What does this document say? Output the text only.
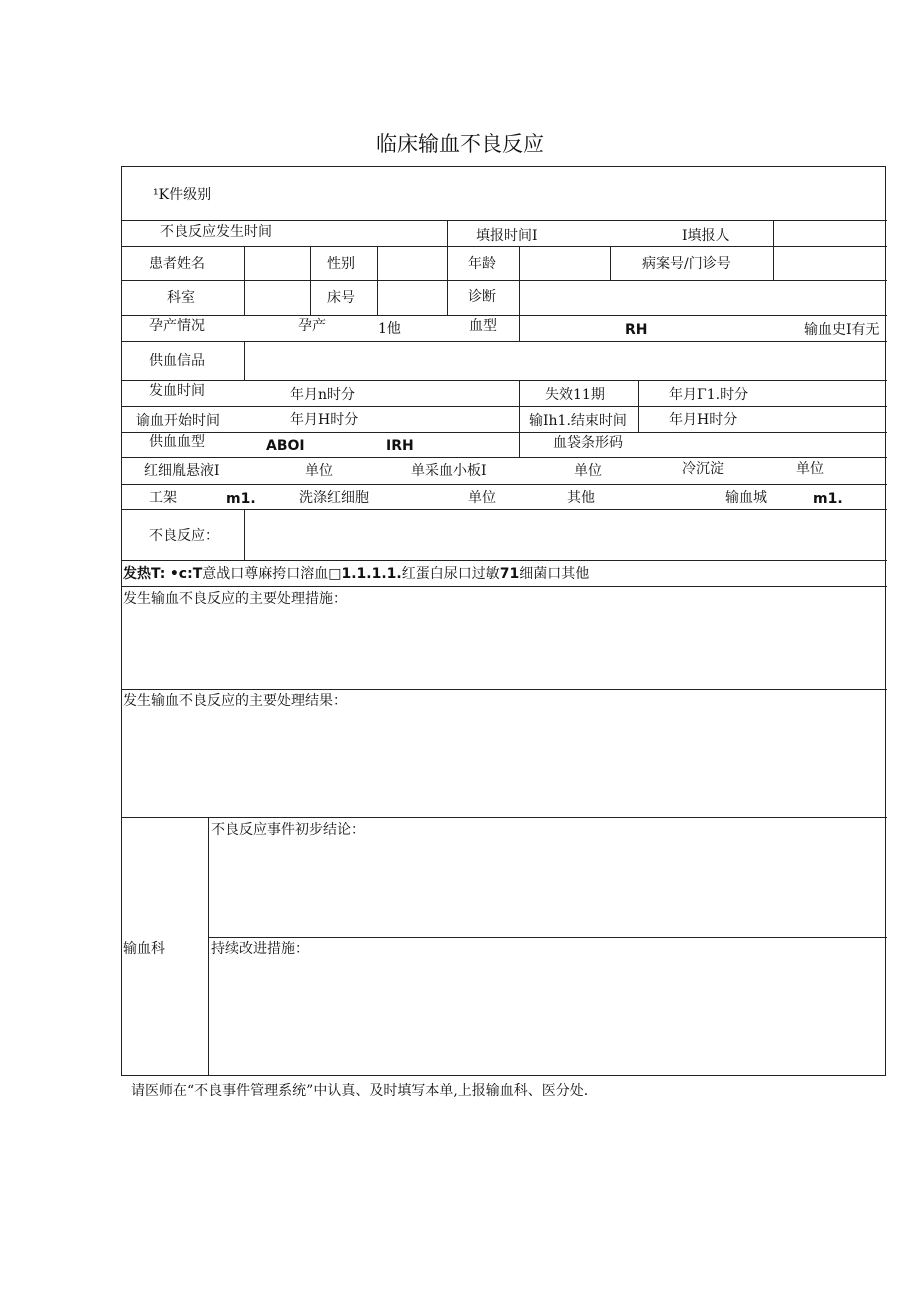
临床输血不良反应
¹K件级别
不良反应发生时间	填报时间I	I填报人
患者姓名	性别	年龄	病案号/门诊号
科室	床号	诊断
孕产情况	孕产	1他	血型	RH	输血史I有无
供血信品
发血时间	年月n时分	失效11期	年月Γ1.时分
谕血开始时间	年月H时分	输Ih1.结束时间	年月H时分
供血血型	ABOI	IRH	血袋条形码
红细胤悬液I	单位	单采血小板I	单位	冷沉淀	单位
工架	m1.	洗涤红细胞	单位	其他	输血城	m1.
不良反应：
发热T: •c:T意战口尊麻挎口溶血□1.1.1.1.红蛋白尿口过敏71细菌口其他
发生输血不良反应的主要处理措施：
发生输血不良反应的主要处理结果：
输血科
不良反应事件初步结论：
持续改进措施：
请医师在“不良事件管理系统”中认真、及时填写本单,上报输血科、医分处.
